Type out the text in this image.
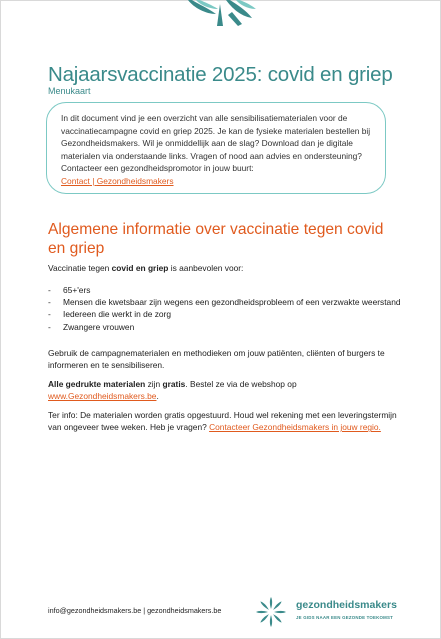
Najaarsvaccinatie 2025: covid en griep
Menukaart
In dit document vind je een overzicht van alle sensibilisatiematerialen voor de vaccinatiecampagne covid en griep 2025. Je kan de fysieke materialen bestellen bij Gezondheidsmakers. Wil je onmiddellijk aan de slag? Download dan je digitale materialen via onderstaande links. Vragen of nood aan advies en ondersteuning? Contacteer een gezondheidspromotor in jouw buurt:
Contact | Gezondheidsmakers
Algemene informatie over vaccinatie tegen covid en griep

Vaccinatie tegen covid en griep is aanbevolen voor:

- 65+'ers
- Mensen die kwetsbaar zijn wegens een gezondheidsprobleem of een verzwakte weerstand
- Iedereen die werkt in de zorg
- Zwangere vrouwen

Gebruik de campagnematerialen en methodieken om jouw patiënten, cliënten of burgers te informeren en te sensibiliseren.

Alle gedrukte materialen zijn gratis. Bestel ze via de webshop op
www.Gezondheidsmakers.be.

Ter info: De materialen worden gratis opgestuurd. Houd wel rekening met een leveringstermijn van ongeveer twee weken. Heb je vragen? Contacteer Gezondheidsmakers in jouw regio.

info@gezondheidsmakers.be | gezondheidsmakers.be	gezondheidsmakers
JE GIDS NAAR EEN GEZONDE TOEKOMST
